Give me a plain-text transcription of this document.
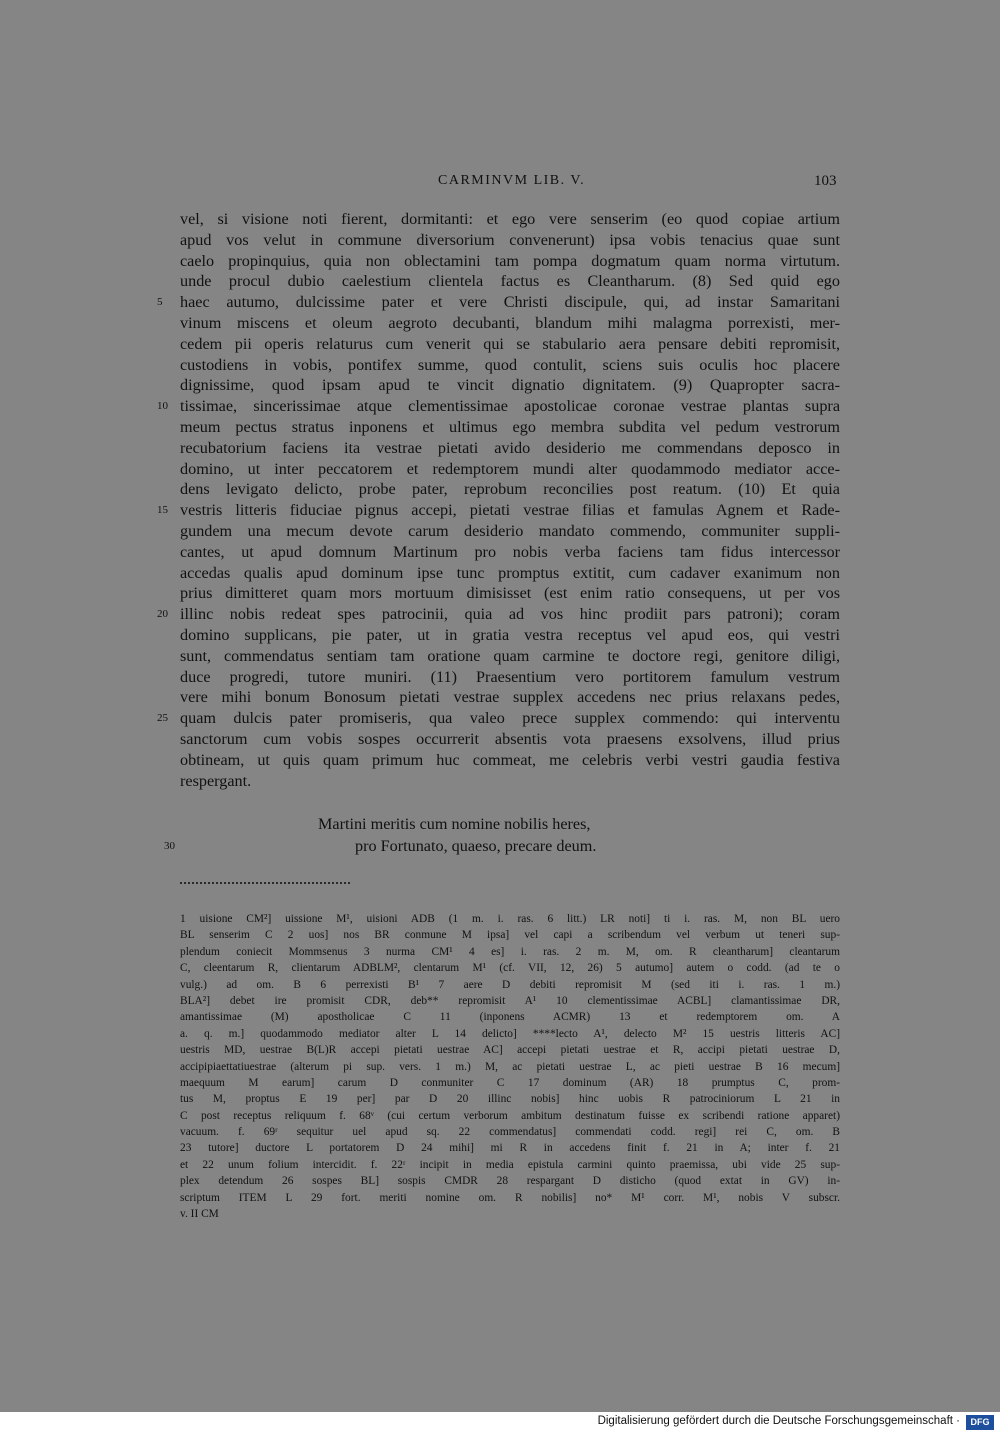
CARMINVM LIB. V.	103
vel, si visione noti fierent, dormitanti: et ego vere senserim (eo quod copiae artium
apud vos velut in commune diversorium convenerunt) ipsa vobis tenacius quae sunt
caelo propinquius, quia non oblectamini tam pompa dogmatum quam norma virtutum.
unde procul dubio caelestium clientela factus es Cleantharum. (8) Sed quid ego
5	haec autumo, dulcissime pater et vere Christi discipule, qui, ad instar Samaritani
vinum miscens et oleum aegroto decubanti, blandum mihi malagma porrexisti, mer-
cedem pii operis relaturus cum venerit qui se stabulario aera pensare debiti repromisit,
custodiens in vobis, pontifex summe, quod contulit, sciens suis oculis hoc placere
dignissime, quod ipsam apud te vincit dignatio dignitatem. (9) Quapropter sacra-
10 tissimae, sincerissimae atque clementissimae apostolicae coronae vestrae plantas supra
meum pectus stratus inponens et ultimus ego membra subdita vel pedum vestrorum
recubatorium faciens ita vestrae pietati avido desiderio me commendans deposco in
domino, ut inter peccatorem et redemptorem mundi alter quodammodo mediator acce-
dens levigato delicto, probe pater, reprobum reconcilies post reatum. (10) Et quia
15 vestris litteris fiduciae pignus accepi, pietati vestrae filias et famulas Agnem et Rade-
gundem una mecum devote carum desiderio mandato commendo, communiter suppli-
cantes, ut apud domnum Martinum pro nobis verba faciens tam fidus intercessor
accedas qualis apud dominum ipse tunc promptus extitit, cum cadaver exanimum non
prius dimitteret quam mors mortuum dimisisset (est enim ratio consequens, ut per vos
20 illinc nobis redeat spes patrocinii, quia ad vos hinc prodiit pars patroni); coram
domino supplicans, pie pater, ut in gratia vestra receptus vel apud eos, qui vestri
sunt, commendatus sentiam tam oratione quam carmine te doctore regi, genitore diligi,
duce progredi, tutore muniri. (11) Praesentium vero portitorem famulum vestrum
vere mihi bonum Bonosum pietati vestrae supplex accedens nec prius relaxans pedes,
25 quam dulcis pater promiseris, qua valeo prece supplex commendo: qui interventu
sanctorum cum vobis sospes occurrerit absentis vota praesens exsolvens, illud prius
obtineam, ut quis quam primum huc commeat, me celebris verbi vestri gaudia festiva
respergant.
Martini meritis cum nomine nobilis heres,
30	pro Fortunato, quaeso, precare deum.
1 uisione CM²] uissione M¹, uisioni ADB (1 m. i. ras. 6 litt.) LR noti] ti i. ras. M, non BL uero
BL senserim C 2 uos] nos BR conmune M ipsa] vel capi a scribendum vel verbum ut teneri sup-
plendum coniecit Mommsenus 3 nurma CM¹ 4 es] i. ras. 2 m. M, om. R cleantharum] cleantarum
C, cleentarum R, clientarum ADBLM², clentarum M¹ (cf. VII, 12, 26) 5 autumo] autem o codd. (ad te o
vulg.) ad om. B 6 perrexisti B¹ 7 aere D debiti repromisit M (sed iti i. ras. 1 m.)
BLA²] debet ire promisit CDR, deb** repromisit A¹ 10 clementissimae ACBL] clamantissimae DR,
amantissimae (M) apostholicae C 11 (inponens ACMR) 13 et redemptorem om. A
a. q. m.] quodammodo mediator alter L 14 delicto] ****lecto A¹, delecto M² 15 uestris litteris AC]
uestris MD, uestrae B(L)R accepi pietati uestrae AC] accepi pietati uestrae et R, accipi pietati uestrae D,
accipipiaettatiuestrae (alterum pi sup. vers. 1 m.) M, ac pietati uestrae L, ac pieti uestrae B 16 mecum]
maequum M earum] carum D conmuniter C 17 dominum (AR) 18 prumptus C, prom-
tus M, proptus E 19 per] par D 20 illinc nobis] hinc uobis R patrociniorum L 21 in
C post receptus reliquum f. 68ᵛ (cui certum verborum ambitum destinatum fuisse ex scribendi ratione apparet)
vacuum. f. 69ʳ sequitur uel apud sq. 22 commendatus] commendati codd. regi] rei C, om. B
23 tutore] ductore L portatorem D 24 mihi] mi R in accedens finit f. 21 in A; inter f. 21
et 22 unum folium intercidit. f. 22ʳ incipit in media epistula carmini quinto praemissa, ubi vide 25 sup-
plex detendum 26 sospes BL] sospis CMDR 28 respargant D disticho (quod extat in GV) in-
scriptum ITEM L 29 fort. meriti nomine om. R nobilis] no* M¹ corr. M¹, nobis V subscr.
v. II CM
Digitalisierung gefördert durch die Deutsche Forschungsgemeinschaft ·	DFG
